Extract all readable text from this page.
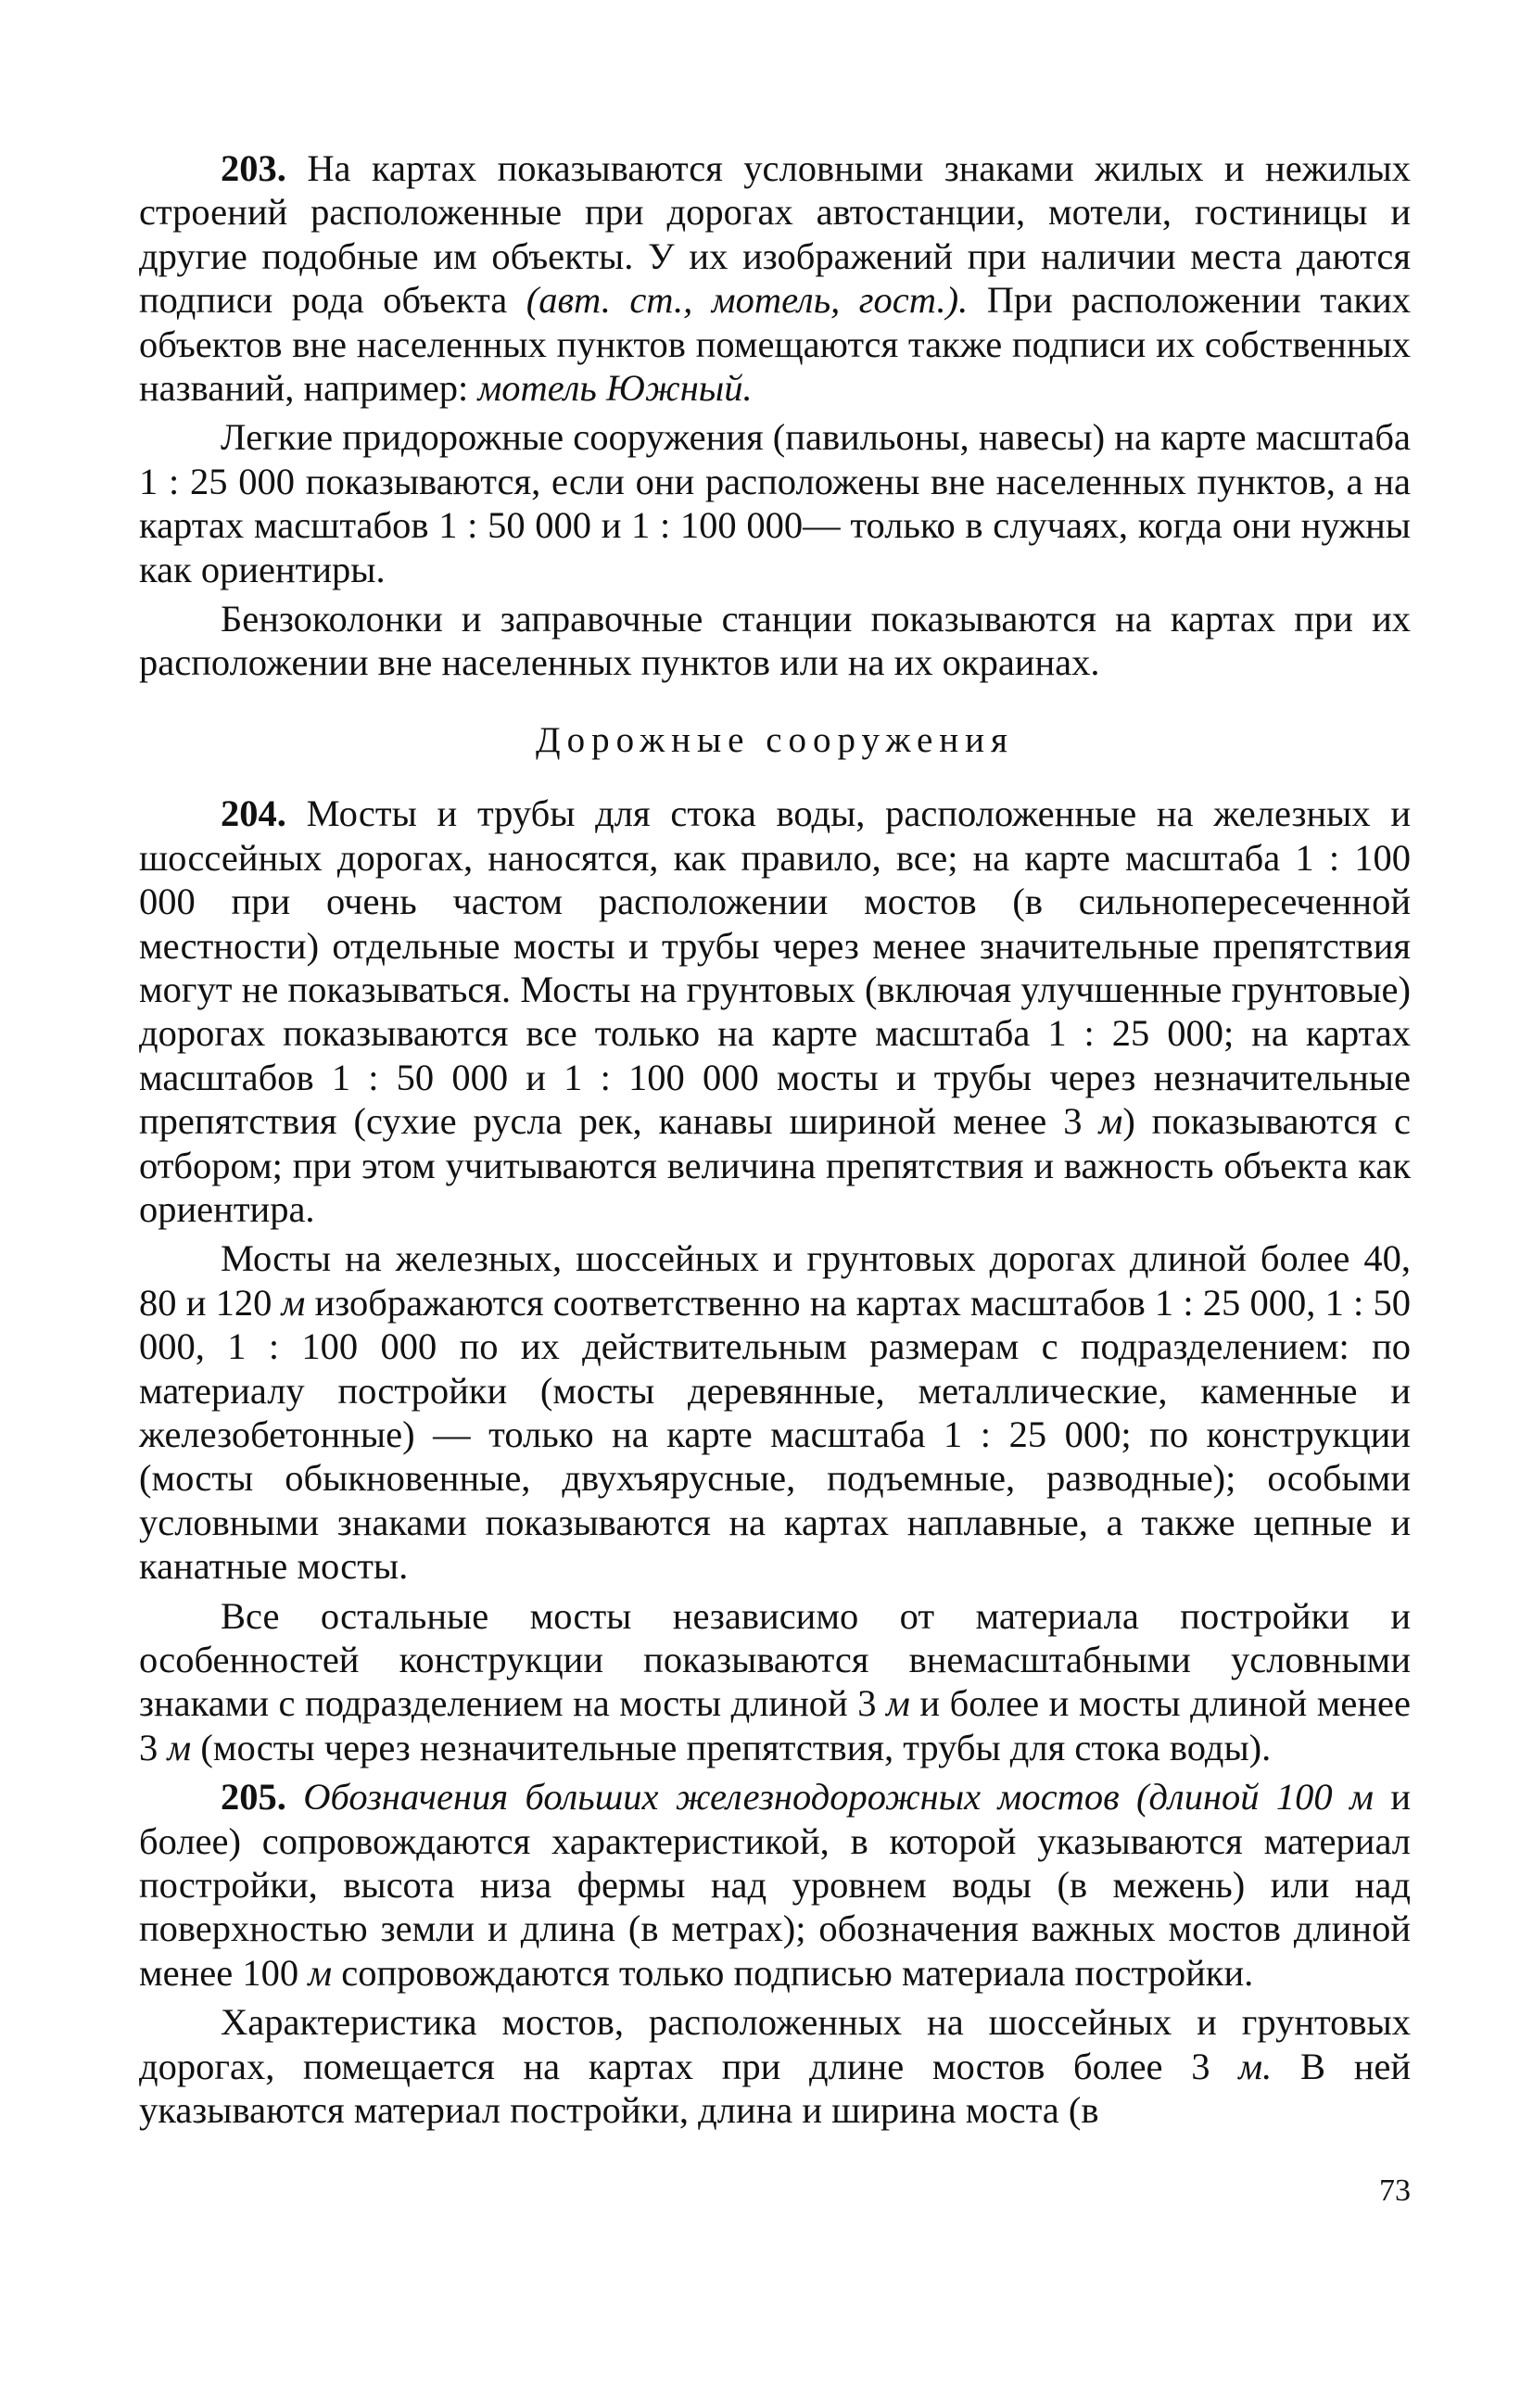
203. На картах показываются условными знаками жилых и нежилых строений расположенные при дорогах автостанции, мотели, гостиницы и другие подобные им объекты. У их изображений при наличии места даются подписи рода объекта (авт. ст., мотель, гост.). При расположении таких объектов вне населенных пунктов помещаются также подписи их собственных названий, например: мотель Южный.

Легкие придорожные сооружения (павильоны, навесы) на карте масштаба 1 : 25 000 показываются, если они расположены вне населенных пунктов, а на картах масштабов 1 : 50 000 и 1 : 100 000— только в случаях, когда они нужны как ориентиры.

Бензоколонки и заправочные станции показываются на картах при их расположении вне населенных пунктов или на их окраинах.

Дорожные сооружения

204. Мосты и трубы для стока воды, расположенные на железных и шоссейных дорогах, наносятся, как правило, все; на карте масштаба 1 : 100 000 при очень частом расположении мостов (в сильнопересеченной местности) отдельные мосты и трубы через менее значительные препятствия могут не показываться. Мосты на грунтовых (включая улучшенные грунтовые) дорогах показываются все только на карте масштаба 1 : 25 000; на картах масштабов 1 : 50 000 и 1 : 100 000 мосты и трубы через незначительные препятствия (сухие русла рек, канавы шириной менее 3 м) показываются с отбором; при этом учитываются величина препятствия и важность объекта как ориентира.

Мосты на железных, шоссейных и грунтовых дорогах длиной более 40, 80 и 120 м изображаются соответственно на картах масштабов 1 : 25 000, 1 : 50 000, 1 : 100 000 по их действительным размерам с подразделением: по материалу постройки (мосты деревянные, металлические, каменные и железобетонные) — только на карте масштаба 1 : 25 000; по конструкции (мосты обыкновенные, двухъярусные, подъемные, разводные); особыми условными знаками показываются на картах наплавные, а также цепные и канатные мосты.

Все остальные мосты независимо от материала постройки и особенностей конструкции показываются внемасштабными условными знаками с подразделением на мосты длиной 3 м и более и мосты длиной менее 3 м (мосты через незначительные препятствия, трубы для стока воды).

205. Обозначения больших железнодорожных мостов (длиной 100 м и более) сопровождаются характеристикой, в которой указываются материал постройки, высота низа фермы над уровнем воды (в межень) или над поверхностью земли и длина (в метрах); обозначения важных мостов длиной менее 100 м сопровождаются только подписью материала постройки.

Характеристика мостов, расположенных на шоссейных и грунтовых дорогах, помещается на картах при длине мостов более 3 м. В ней указываются материал постройки, длина и ширина моста (в

73
